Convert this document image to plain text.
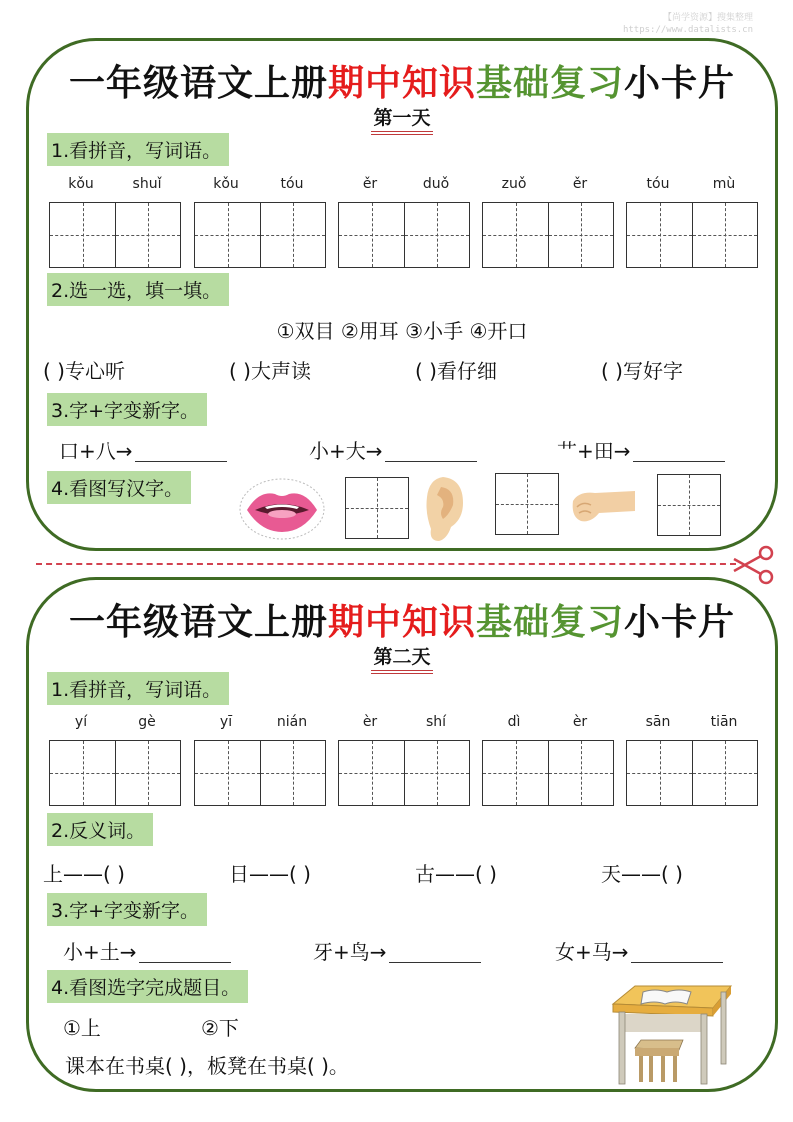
【尚学资源】搜集整理
https://www.datalists.cn
一年级语文上册期中知识基础复习小卡片
第一天
1.看拼音，写词语。
kǒu	shuǐ	kǒu	tóu	ěr	duǒ	zuǒ	ěr	tóu	mù
2.选一选，填一填。
①双目 ②用耳 ③小手 ④开口
( )专心听	( )大声读	( )看仔细	( )写好字
3.字+字变新字。
口+八→	小+大→	艹+田→
4.看图写汉字。
一年级语文上册期中知识基础复习小卡片
第二天
1.看拼音，写词语。
yí	gè	yī	nián	èr	shí	dì	èr	sān	tiān
2.反义词。
上——( )	日——( )	古——( )	天——( )
3.字+字变新字。
小+土→	牙+鸟→	女+马→
4.看图选字完成题目。
①上	②下
课本在书桌( )，板凳在书桌( )。
